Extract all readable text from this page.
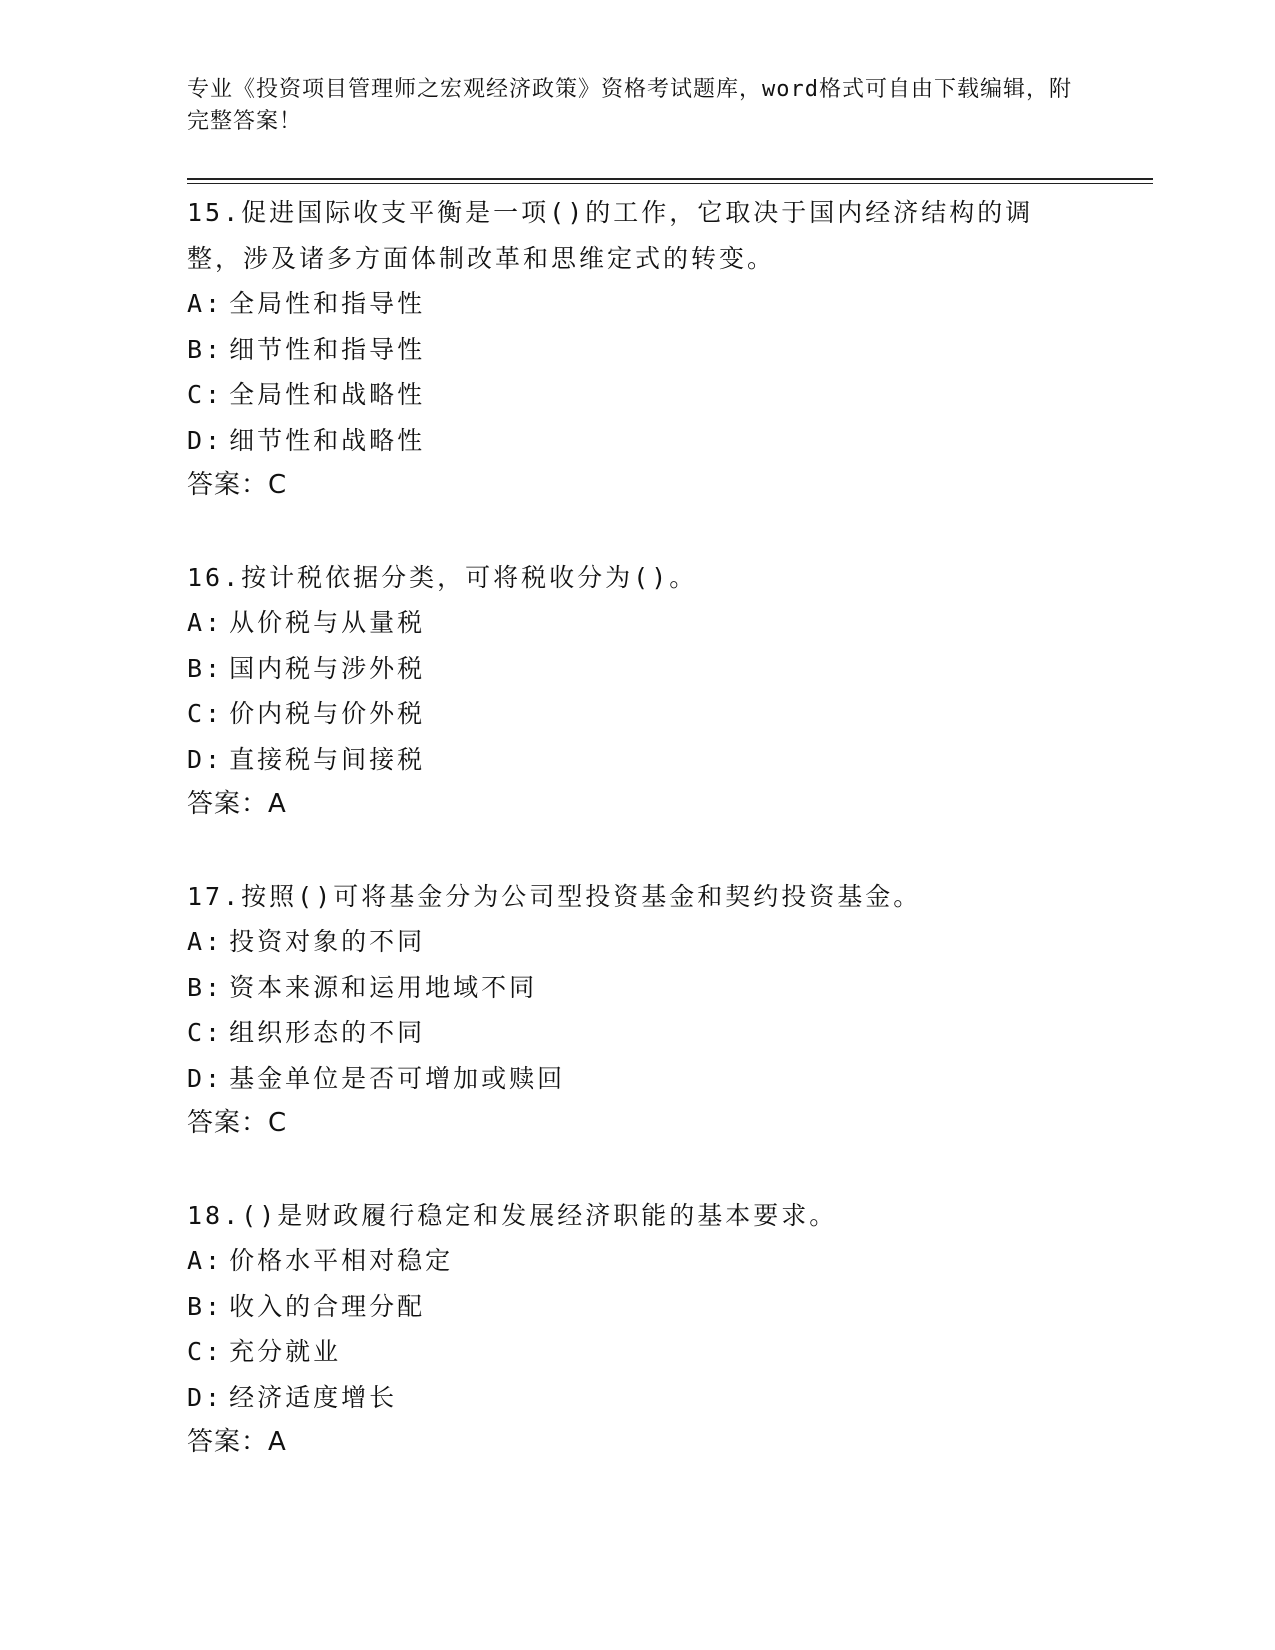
专业《投资项目管理师之宏观经济政策》资格考试题库，word格式可自由下载编辑，附完整答案！
15.促进国际收支平衡是一项()的工作，它取决于国内经济结构的调整，涉及诸多方面体制改革和思维定式的转变。
A: 全局性和指导性
B: 细节性和指导性
C: 全局性和战略性
D: 细节性和战略性
答案：C
16.按计税依据分类，可将税收分为()。
A: 从价税与从量税
B: 国内税与涉外税
C: 价内税与价外税
D: 直接税与间接税
答案：A
17.按照()可将基金分为公司型投资基金和契约投资基金。
A: 投资对象的不同
B: 资本来源和运用地域不同
C: 组织形态的不同
D: 基金单位是否可增加或赎回
答案：C
18.()是财政履行稳定和发展经济职能的基本要求。
A: 价格水平相对稳定
B: 收入的合理分配
C: 充分就业
D: 经济适度增长
答案：A
